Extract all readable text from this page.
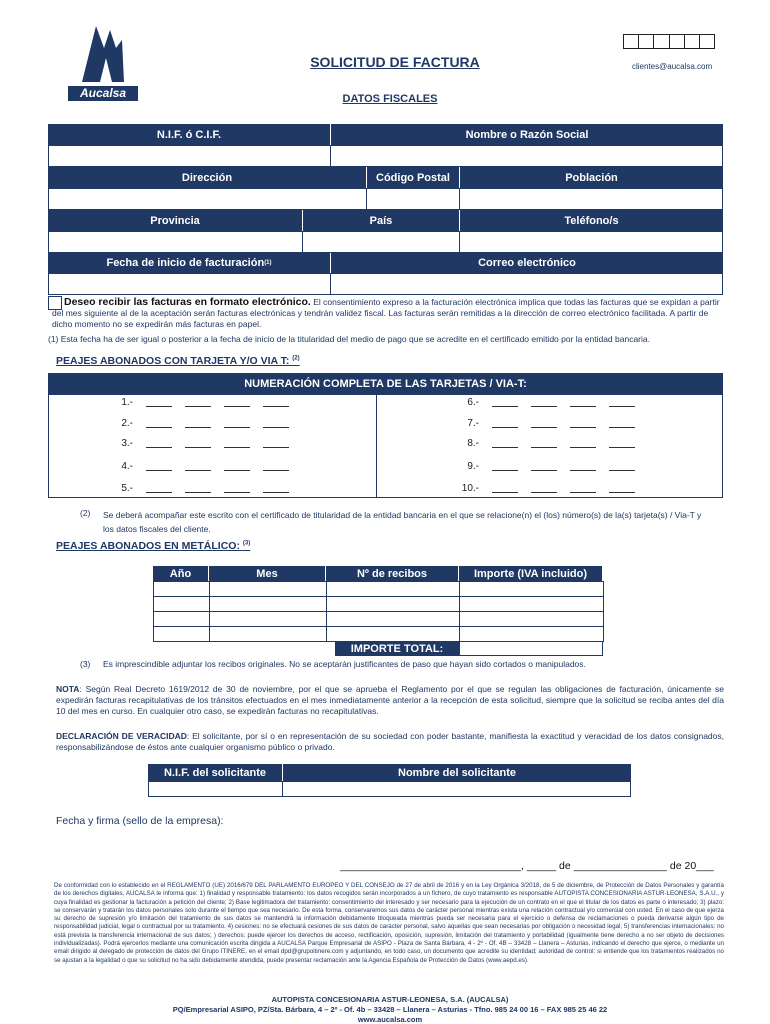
Aucalsa
SOLICITUD DE FACTURA	clientes@aucalsa.com
DATOS FISCALES
N.I.F. ó C.I.F.	Nombre o Razón Social
Dirección	Código Postal	Población
Provincia	País	Teléfono/s
Fecha de inicio de facturación (1)	Correo electrónico
Deseo recibir las facturas en formato electrónico. El consentimiento expreso a la facturación electrónica implica que todas las facturas que se expidan a partir del mes siguiente al de la aceptación serán facturas electrónicas y tendrán validez fiscal. Las facturas serán remitidas a la dirección de correo electrónico facilitada. A partir de dicho momento no se expedirán más facturas en papel.
(1) Esta fecha ha de ser igual o posterior a la fecha de inicio de la titularidad del medio de pago que se acredite en el certificado emitido por la entidad bancaria.
PEAJES ABONADOS CON TARJETA Y/O VIA T: $^{(2)}$
NUMERACIÓN COMPLETA DE LAS TARJETAS / VIA-T:
1.-
2.-
3.-
4.-
5.-
6.-
7.-
8.-
9.-
10.-
(2) Se deberá acompañar este escrito con el certificado de titularidad de la entidad bancaria en el que se relacione(n) el (los) número(s) de la(s) tarjeta(s) / Via-T y los datos fiscales del cliente.
PEAJES ABONADOS EN METÁLICO: $^{(3)}$
Año	Mes	Nº de recibos	Importe (IVA incluido)
IMPORTE TOTAL:
(3) Es imprescindible adjuntar los recibos originales. No se aceptarán justificantes de paso que hayan sido cortados o manipulados.
NOTA: Según Real Decreto 1619/2012 de 30 de noviembre, por el que se aprueba el Reglamento por el que se regulan las obligaciones de facturación, únicamente se expedirán facturas recapitulativas de los tránsitos efectuados en el mes inmediatamente anterior a la recepción de esta solicitud, siempre que la solicitud se reciba antes del día 10 del mes en curso. En cualquier otro caso, se expedirán facturas no recapitulativas.
DECLARACIÓN DE VERACIDAD: El solicitante, por sí o en representación de su sociedad con poder bastante, manifiesta la exactitud y veracidad de los datos consignados, responsabilizándose de éstos ante cualquier organismo público o privado.
N.I.F. del solicitante	Nombre del solicitante
Fecha y firma (sello de la empresa):
_______________________________, _____ de ________________ de 20___
De conformidad con lo establecido en el REGLAMENTO (UE) 2016/679 DEL PARLAMENTO EUROPEO Y DEL CONSEJO de 27 de abril de 2016 y en la Ley Orgánica 3/2018, de 5 de diciembre, de Protección de Datos Personales y garantía de los derechos digitales, AUCALSA le informa que: 1) finalidad y responsable tratamiento: los datos recogidos serán incorporados a un fichero, de cuyo tratamiento es responsable AUTOPISTA CONCESIONARIA ASTUR-LEONESA, S.A.U., y cuya finalidad es gestionar la facturación a petición del cliente; 2) Base legitimadora del tratamiento: consentimiento del interesado y ser necesario para la ejecución de un contrato en el que el titular de los datos es parte o interesado; 3) plazo: se conservarán y tratarán los datos personales solo durante el tiempo que sea necesario. De esta forma, conservaremos sus datos de carácter personal mientras exista una relación contractual y/o comercial con usted. En el caso de que ejerza su derecho de supresión y/o limitación del tratamiento de sus datos se mantendrá la información debidamente bloqueada mientras pueda ser necesaria para el ejercicio o defensa de reclamaciones o pueda derivarse algún tipo de responsabilidad judicial, legal o contractual por su tratamiento. 4) cesiones: no se efectuará cesiones de sus datos de carácter personal, salvo aquellas que sean necesarias por obligación o necesidad legal; 5) transferencias internacionales: no está prevista la transferencia internacional de sus datos; ) derechos: puede ejercer los derechos de acceso, rectificación, oposición, supresión, limitación del tratamiento y portabilidad (igualmente tiene derecho a no ser objeto de decisiones individualizadas). Podrá ejercerlos mediante una comunicación escrita dirigida a AUCALSA Parque Empresarial de ASIPO - Plaza de Santa Bárbara, 4 - 2º - Of. 4B – 33428 – Llanera – Asturias, indicando el derecho que ejerce, o mediante un email dirigido al delegado de protección de datos del Grupo ITINERE, en el email dpd@grupoitinere.com y adjuntando, en todo caso, un documento que acredite su identidad; autoridad de control: si entiende que los tratamientos realizados no se ajustan a la legalidad o que su solicitud no ha sido debidamente atendida, puede presentar reclamación ante la Agencia Española de Protección de Datos (www.aepd.es).
AUTOPISTA CONCESIONARIA ASTUR-LEONESA, S.A. (AUCALSA)
PQ/Empresarial ASIPO, PZ/Sta. Bárbara, 4 – 2º - Of. 4b – 33428 – Llanera – Asturias - Tfno. 985 24 00 16 – FAX 985 25 46 22
www.aucalsa.com
